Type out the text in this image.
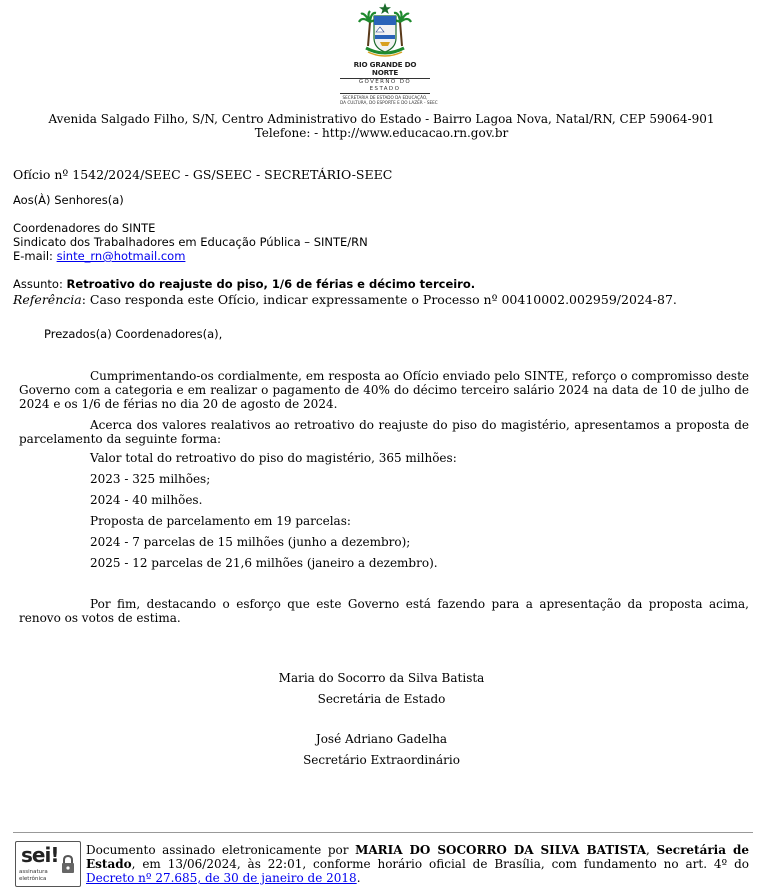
RIO GRANDE DO NORTE
GOVERNO DO ESTADO
SECRETARIA DE ESTADO DA EDUCAÇÃO,
DA CULTURA, DO ESPORTE E DO LAZER - SEEC
Avenida Salgado Filho, S/N, Centro Administrativo do Estado - Bairro Lagoa Nova, Natal/RN, CEP 59064-901
Telefone: - http://www.educacao.rn.gov.br
Ofício nº 1542/2024/SEEC - GS/SEEC - SECRETÁRIO-SEEC
Aos(À) Senhores(a)
Coordenadores do SINTE
Sindicato dos Trabalhadores em Educação Pública – SINTE/RN
E-mail: sinte_rn@hotmail.com
Assunto: Retroativo do reajuste do piso, 1/6 de férias e décimo terceiro.
Referência: Caso responda este Ofício, indicar expressamente o Processo nº 00410002.002959/2024-87.
Prezados(a) Coordenadores(a),
Cumprimentando-os cordialmente, em resposta ao Ofício enviado pelo SINTE, reforço o compromisso deste Governo com a categoria e em realizar o pagamento de 40% do décimo terceiro salário 2024 na data de 10 de julho de 2024 e os 1/6 de férias no dia 20 de agosto de 2024.
Acerca dos valores realativos ao retroativo do reajuste do piso do magistério, apresentamos a proposta de parcelamento da seguinte forma:
Valor total do retroativo do piso do magistério, 365 milhões:
2023 - 325 milhões;
2024 - 40 milhões.
Proposta de parcelamento em 19 parcelas:
2024 - 7 parcelas de 15 milhões (junho a dezembro);
2025 - 12 parcelas de 21,6 milhões (janeiro a dezembro).
Por fim, destacando o esforço que este Governo está fazendo para a apresentação da proposta acima, renovo os votos de estima.
Maria do Socorro da Silva Batista
Secretária de Estado
José Adriano Gadelha
Secretário Extraordinário
sei!
assinatura
eletrônica
Documento assinado eletronicamente por MARIA DO SOCORRO DA SILVA BATISTA, Secretária de Estado, em 13/06/2024, às 22:01, conforme horário oficial de Brasília, com fundamento no art. 4º do Decreto nº 27.685, de 30 de janeiro de 2018.
